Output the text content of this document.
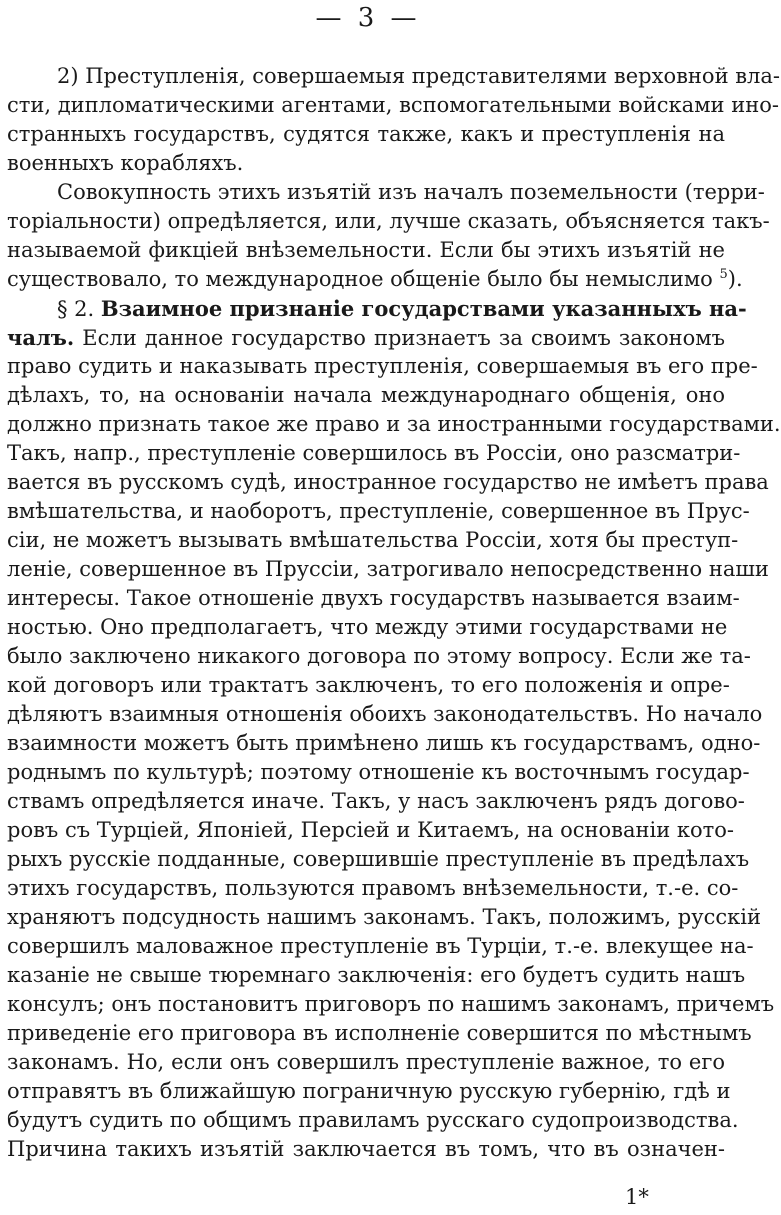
— 3 —
2) Преступленія, совершаемыя представителями верховной вла-
сти, дипломатическими агентами, вспомогательными войсками ино-
странныхъ государствъ, судятся также, какъ и преступленія на
военныхъ корабляхъ.
Совокупность этихъ изъятій изъ началъ поземельности (терри-
торіальности) опредѣляется, или, лучше сказать, объясняется такъ-
называемой фикціей внѣземельности. Если бы этихъ изъятій не
существовало, то международное общеніе было бы немыслимо $^5$).
§ 2. Взаимное признаніе государствами указанныхъ на-
чалъ. Если данное государство признаетъ за своимъ закономъ
право судить и наказывать преступленія, совершаемыя въ его пре-
дѣлахъ, то, на основаніи начала международнаго общенія, оно
должно признать такое же право и за иностранными государствами.
Такъ, напр., преступленіе совершилось въ Россіи, оно разсматри-
вается въ русскомъ судѣ, иностранное государство не имѣетъ права
вмѣшательства, и наоборотъ, преступленіе, совершенное въ Прус-
сіи, не можетъ вызывать вмѣшательства Россіи, хотя бы преступ-
леніе, совершенное въ Пруссіи, затрогивало непосредственно наши
интересы. Такое отношеніе двухъ государствъ называется взаим-
ностью. Оно предполагаетъ, что между этими государствами не
было заключено никакого договора по этому вопросу. Если же та-
кой договоръ или трактатъ заключенъ, то его положенія и опре-
дѣляютъ взаимныя отношенія обоихъ законодательствъ. Но начало
взаимности можетъ быть примѣнено лишь къ государствамъ, одно-
роднымъ по культурѣ; поэтому отношеніе къ восточнымъ государ-
ствамъ опредѣляется иначе. Такъ, у насъ заключенъ рядъ догово-
ровъ съ Турціей, Японіей, Персіей и Китаемъ, на основаніи кото-
рыхъ русскіе подданные, совершившіе преступленіе въ предѣлахъ
этихъ государствъ, пользуются правомъ внѣземельности, т.-е. со-
храняютъ подсудность нашимъ законамъ. Такъ, положимъ, русскій
совершилъ маловажное преступленіе въ Турціи, т.-е. влекущее на-
казаніе не свыше тюремнаго заключенія: его будетъ судить нашъ
консулъ; онъ постановитъ приговоръ по нашимъ законамъ, причемъ
приведеніе его приговора въ исполненіе совершится по мѣстнымъ
законамъ. Но, если онъ совершилъ преступленіе важное, то его
отправятъ въ ближайшую пограничную русскую губернію, гдѣ и
будутъ судить по общимъ правиламъ русскаго судопроизводства.
Причина такихъ изъятій заключается въ томъ, что въ означен-
1*
